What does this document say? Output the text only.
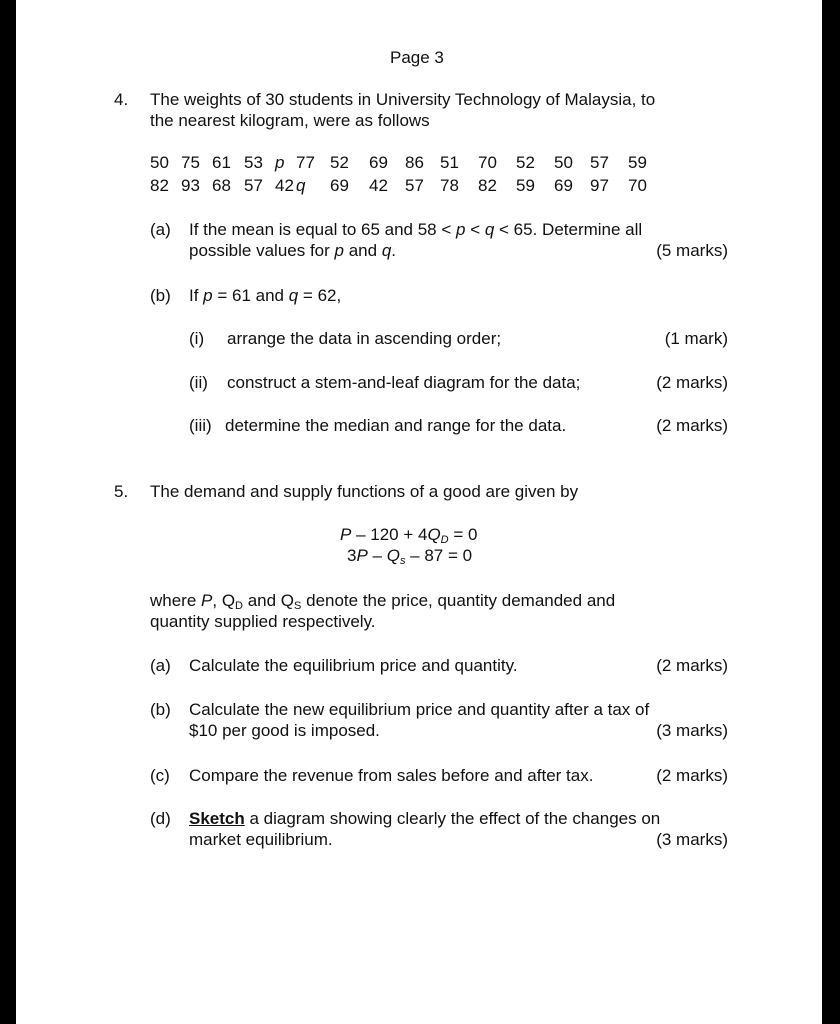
Page 3
4. The weights of 30 students in University Technology of Malaysia, to
the nearest kilogram, were as follows
50 75 61 53 p 77 52 69 86 51 70 52 50 57 59
82 93 68 57 42 q 69 42 57 78 82 59 69 97 70
(a) If the mean is equal to 65 and 58 < p < q < 65. Determine all
possible values for p and q.	(5 marks)
(b) If p = 61 and q = 62,
(i) arrange the data in ascending order;	(1 mark)
(ii) construct a stem-and-leaf diagram for the data;	(2 marks)
(iii) determine the median and range for the data.	(2 marks)
5. The demand and supply functions of a good are given by
$P - 120 + 4Q_D = 0$
$3P - Q_s - 87 = 0$
where P, $Q_D$ and $Q_S$ denote the price, quantity demanded and
quantity supplied respectively.
(a) Calculate the equilibrium price and quantity.	(2 marks)
(b) Calculate the new equilibrium price and quantity after a tax of
$10 per good is imposed.	(3 marks)
(c) Compare the revenue from sales before and after tax.	(2 marks)
(d) Sketch a diagram showing clearly the effect of the changes on
market equilibrium.	(3 marks)
